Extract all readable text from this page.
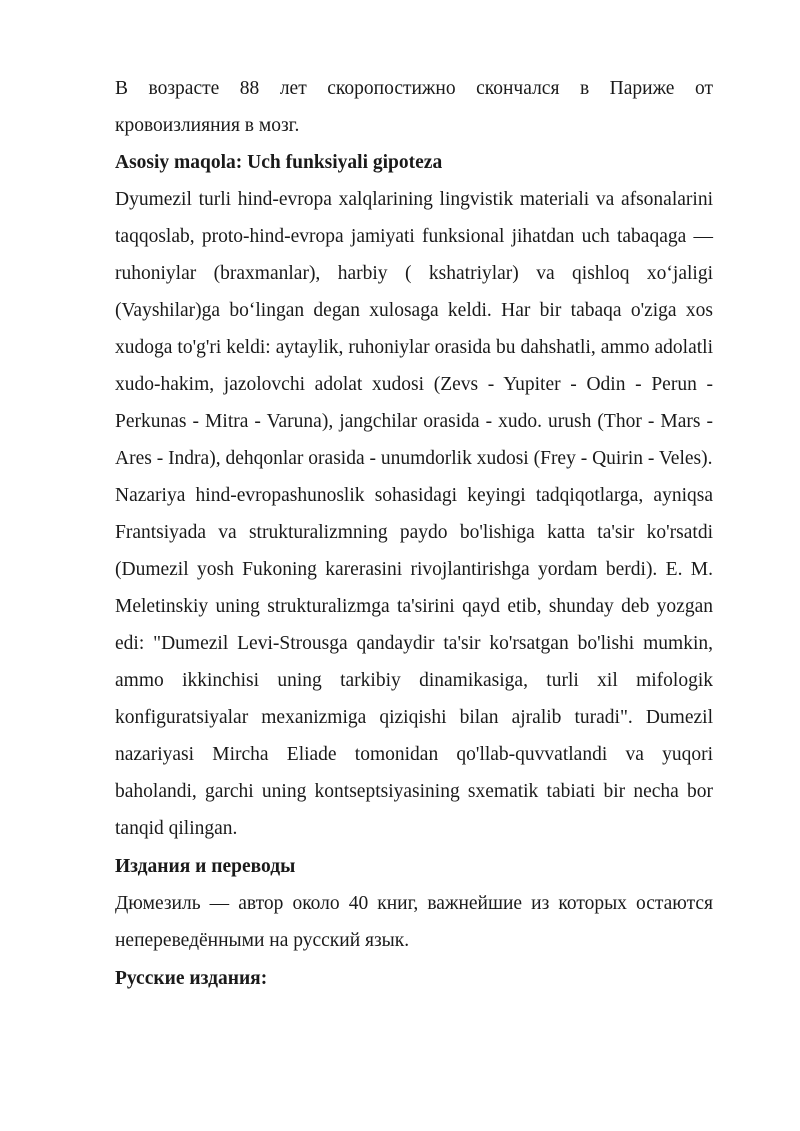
В возрасте 88 лет скоропостижно скончался в Париже от кровоизлияния в мозг.

Asosiy maqola: Uch funksiyali gipoteza

Dyumezil turli hind-evropa xalqlarining lingvistik materiali va afsonalarini taqqoslab, proto-hind-evropa jamiyati funksional jihatdan uch tabaqaga — ruhoniylar (braxmanlar), harbiy ( kshatriylar) va qishloq xo‘jaligi (Vayshilar)ga bo‘lingan degan xulosaga keldi. Har bir tabaqa o'ziga xos xudoga to'g'ri keldi: aytaylik, ruhoniylar orasida bu dahshatli, ammo adolatli xudo-hakim, jazolovchi adolat xudosi (Zevs - Yupiter - Odin - Perun - Perkunas - Mitra - Varuna), jangchilar orasida - xudo. urush (Thor - Mars - Ares - Indra), dehqonlar orasida - unumdorlik xudosi (Frey - Quirin - Veles).

Nazariya hind-evropashunoslik sohasidagi keyingi tadqiqotlarga, ayniqsa Frantsiyada va strukturalizmning paydo bo'lishiga katta ta'sir ko'rsatdi (Dumezil yosh Fukoning karerasini rivojlantirishga yordam berdi). E. M. Meletinskiy uning strukturalizmga ta'sirini qayd etib, shunday deb yozgan edi: "Dumezil Levi-Strousga qandaydir ta'sir ko'rsatgan bo'lishi mumkin, ammo ikkinchisi uning tarkibiy dinamikasiga, turli xil mifologik konfiguratsiyalar mexanizmiga qiziqishi bilan ajralib turadi". Dumezil nazariyasi Mircha Eliade tomonidan qo'llab-quvvatlandi va yuqori baholandi, garchi uning kontseptsiyasining sxematik tabiati bir necha bor tanqid qilingan.

Издания и переводы

Дюмезиль — автор около 40 книг, важнейшие из которых остаются непереведёнными на русский язык.

Русские издания:
